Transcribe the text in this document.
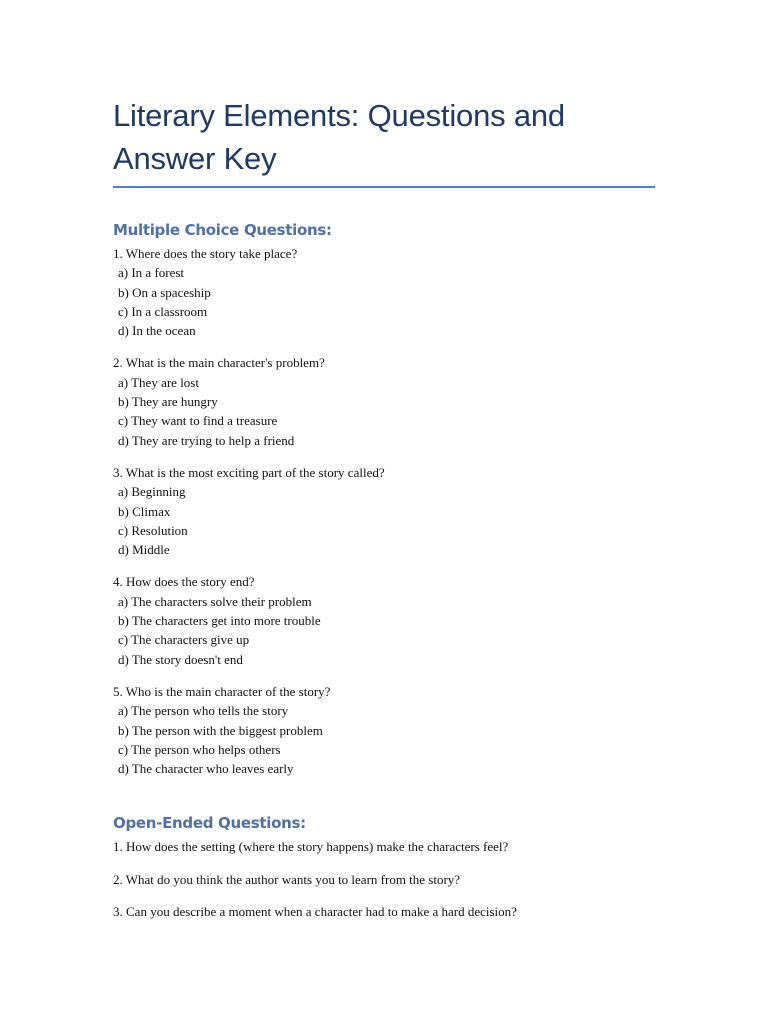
Literary Elements: Questions and Answer Key
Multiple Choice Questions:

1. Where does the story take place?

a) In a forest

b) On a spaceship

c) In a classroom

d) In the ocean

2. What is the main character's problem?

a) They are lost

b) They are hungry

c) They want to find a treasure

d) They are trying to help a friend

3. What is the most exciting part of the story called?

a) Beginning

b) Climax

c) Resolution

d) Middle

4. How does the story end?

a) The characters solve their problem

b) The characters get into more trouble

c) The characters give up

d) The story doesn't end

5. Who is the main character of the story?

a) The person who tells the story

b) The person with the biggest problem

c) The person who helps others

d) The character who leaves early

Open-Ended Questions:

1. How does the setting (where the story happens) make the characters feel?

2. What do you think the author wants you to learn from the story?

3. Can you describe a moment when a character had to make a hard decision?
